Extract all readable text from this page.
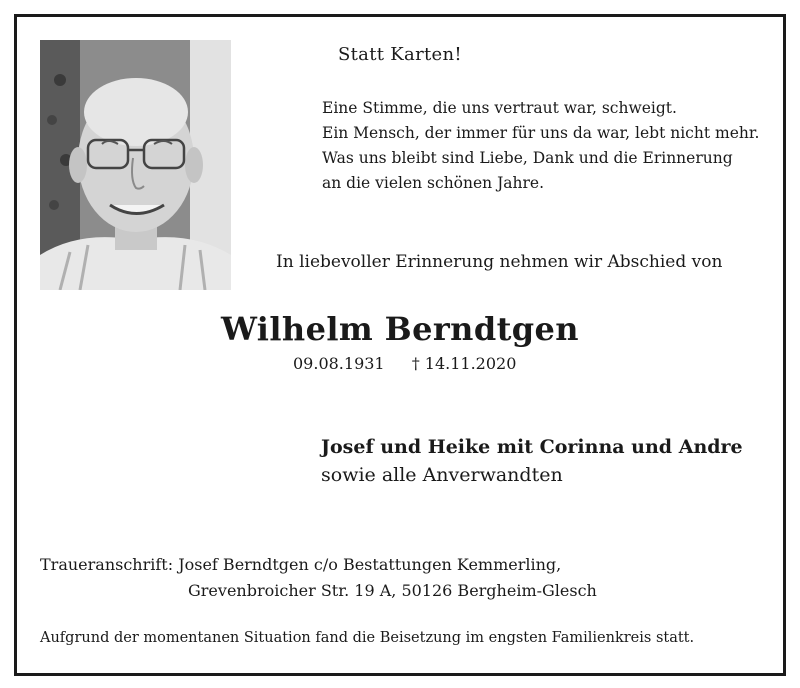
Statt Karten!
Eine Stimme, die uns vertraut war, schweigt.
Ein Mensch, der immer für uns da war, lebt nicht mehr.
Was uns bleibt sind Liebe, Dank und die Erinnerung
an die vielen schönen Jahre.
In liebevoller Erinnerung nehmen wir Abschied von
Wilhelm Berndtgen
09.08.1931 † 14.11.2020
Josef und Heike mit Corinna und Andre
sowie alle Anverwandten
Traueranschrift: Josef Berndtgen c/o Bestattungen Kemmerling,
Grevenbroicher Str. 19 A, 50126 Bergheim-Glesch
Aufgrund der momentanen Situation fand die Beisetzung im engsten Familienkreis statt.
